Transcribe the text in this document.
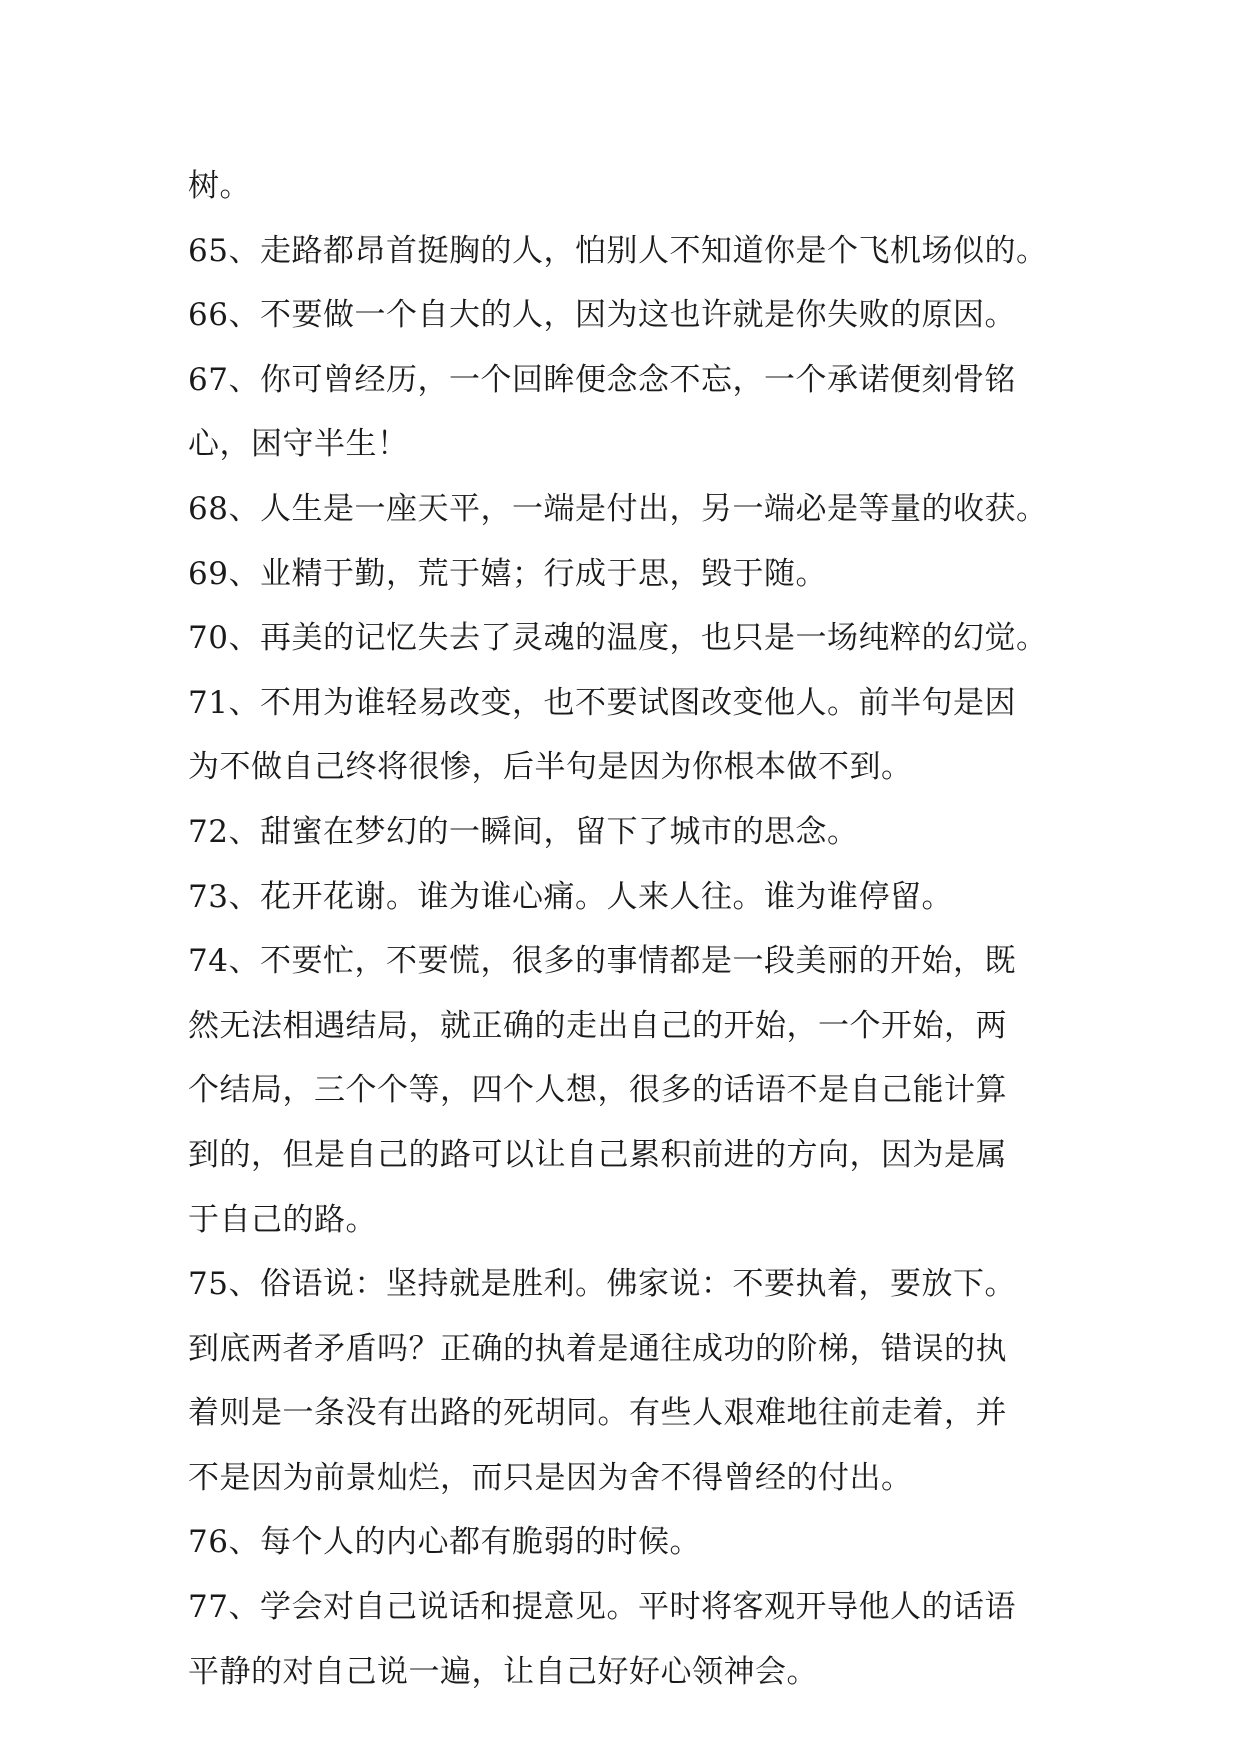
树。
65、走路都昂首挺胸的人，怕别人不知道你是个飞机场似的。
66、不要做一个自大的人，因为这也许就是你失败的原因。
67、你可曾经历，一个回眸便念念不忘，一个承诺便刻骨铭
心，困守半生！
68、人生是一座天平，一端是付出，另一端必是等量的收获。
69、业精于勤，荒于嬉；行成于思，毁于随。
70、再美的记忆失去了灵魂的温度，也只是一场纯粹的幻觉。
71、不用为谁轻易改变，也不要试图改变他人。前半句是因
为不做自己终将很惨，后半句是因为你根本做不到。
72、甜蜜在梦幻的一瞬间，留下了城市的思念。
73、花开花谢。谁为谁心痛。人来人往。谁为谁停留。
74、不要忙，不要慌，很多的事情都是一段美丽的开始，既
然无法相遇结局，就正确的走出自己的开始，一个开始，两
个结局，三个个等，四个人想，很多的话语不是自己能计算
到的，但是自己的路可以让自己累积前进的方向，因为是属
于自己的路。
75、俗语说：坚持就是胜利。佛家说：不要执着，要放下。
到底两者矛盾吗？正确的执着是通往成功的阶梯，错误的执
着则是一条没有出路的死胡同。有些人艰难地往前走着，并
不是因为前景灿烂，而只是因为舍不得曾经的付出。
76、每个人的内心都有脆弱的时候。
77、学会对自己说话和提意见。平时将客观开导他人的话语
平静的对自己说一遍，让自己好好心领神会。
